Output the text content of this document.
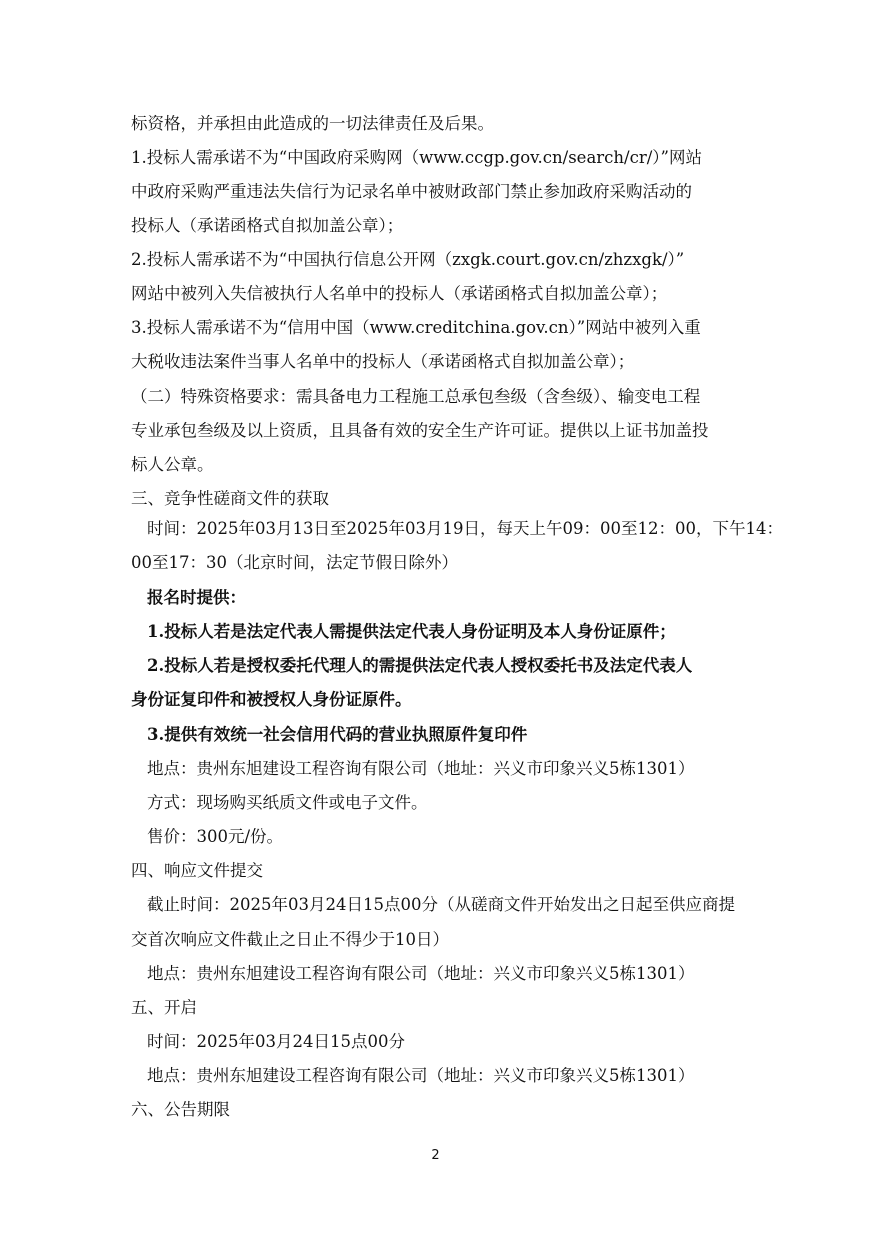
标资格，并承担由此造成的一切法律责任及后果。
1.投标人需承诺不为“中国政府采购网（www.ccgp.gov.cn/search/cr/）”网站
中政府采购严重违法失信行为记录名单中被财政部门禁止参加政府采购活动的
投标人（承诺函格式自拟加盖公章）；
2.投标人需承诺不为“中国执行信息公开网（zxgk.court.gov.cn/zhzxgk/）”
网站中被列入失信被执行人名单中的投标人（承诺函格式自拟加盖公章）；
3.投标人需承诺不为“信用中国（www.creditchina.gov.cn）”网站中被列入重
大税收违法案件当事人名单中的投标人（承诺函格式自拟加盖公章）；
（二）特殊资格要求：需具备电力工程施工总承包叁级（含叁级）、输变电工程
专业承包叁级及以上资质，且具备有效的安全生产许可证。提供以上证书加盖投
标人公章。
三、竞争性磋商文件的获取
时间：2025年03月13日至2025年03月19日，每天上午09：00至12：00，下午14：
00至17：30（北京时间，法定节假日除外）
报名时提供：
1.投标人若是法定代表人需提供法定代表人身份证明及本人身份证原件；
2.投标人若是授权委托代理人的需提供法定代表人授权委托书及法定代表人
身份证复印件和被授权人身份证原件。
3.提供有效统一社会信用代码的营业执照原件复印件
地点：贵州东旭建设工程咨询有限公司（地址：兴义市印象兴义5栋1301）
方式：现场购买纸质文件或电子文件。
售价：300元/份。
四、响应文件提交
截止时间：2025年03月24日15点00分（从磋商文件开始发出之日起至供应商提
交首次响应文件截止之日止不得少于10日）
地点：贵州东旭建设工程咨询有限公司（地址：兴义市印象兴义5栋1301）
五、开启
时间：2025年03月24日15点00分
地点：贵州东旭建设工程咨询有限公司（地址：兴义市印象兴义5栋1301）
六、公告期限
2
